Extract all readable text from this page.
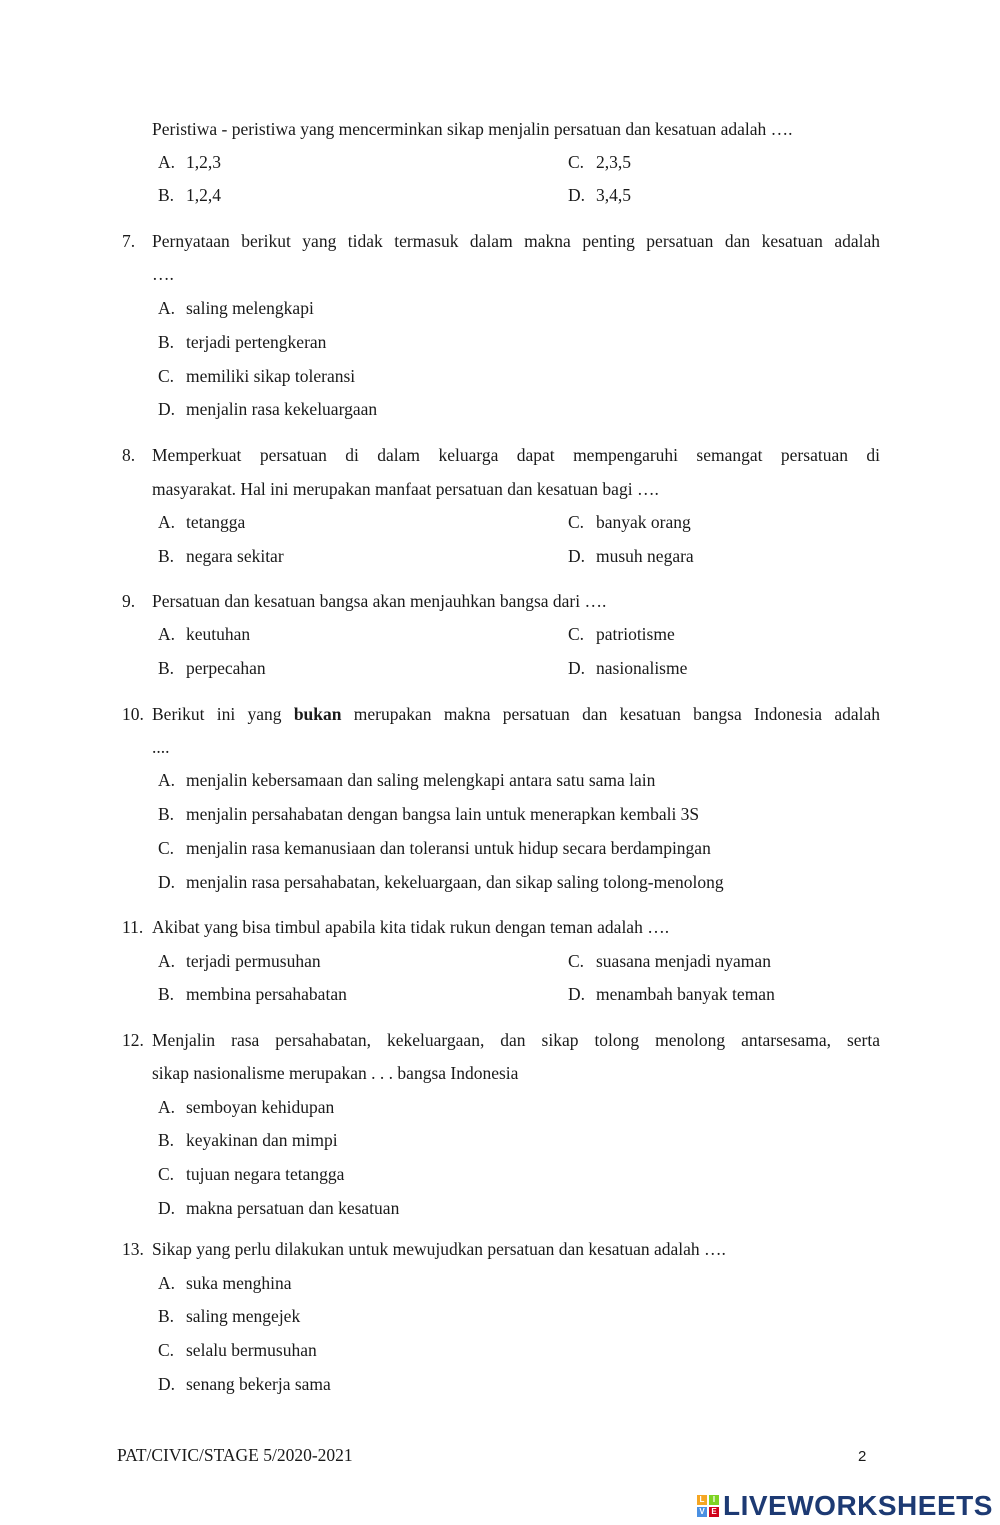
Peristiwa - peristiwa yang mencerminkan sikap menjalin persatuan dan kesatuan adalah ….
A. 1,2,3	C. 2,3,5
B. 1,2,4	D. 3,4,5
7. Pernyataan berikut yang tidak termasuk dalam makna penting persatuan dan kesatuan adalah
….
A. saling melengkapi
B. terjadi pertengkeran
C. memiliki sikap toleransi
D. menjalin rasa kekeluargaan
8. Memperkuat persatuan di dalam keluarga dapat mempengaruhi semangat persatuan di
masyarakat. Hal ini merupakan manfaat persatuan dan kesatuan bagi ….
A. tetangga	C. banyak orang
B. negara sekitar	D. musuh negara
9. Persatuan dan kesatuan bangsa akan menjauhkan bangsa dari ….
A. keutuhan	C. patriotisme
B. perpecahan	D. nasionalisme
10. Berikut ini yang bukan merupakan makna persatuan dan kesatuan bangsa Indonesia adalah
....
A. menjalin kebersamaan dan saling melengkapi antara satu sama lain
B. menjalin persahabatan dengan bangsa lain untuk menerapkan kembali 3S
C. menjalin rasa kemanusiaan dan toleransi untuk hidup secara berdampingan
D. menjalin rasa persahabatan, kekeluargaan, dan sikap saling tolong-menolong
11. Akibat yang bisa timbul apabila kita tidak rukun dengan teman adalah ….
A. terjadi permusuhan	C. suasana menjadi nyaman
B. membina persahabatan	D. menambah banyak teman
12. Menjalin rasa persahabatan, kekeluargaan, dan sikap tolong menolong antarsesama, serta
sikap nasionalisme merupakan . . . bangsa Indonesia
A. semboyan kehidupan
B. keyakinan dan mimpi
C. tujuan negara tetangga
D. makna persatuan dan kesatuan
13. Sikap yang perlu dilakukan untuk mewujudkan persatuan dan kesatuan adalah ….
A. suka menghina
B. saling mengejek
C. selalu bermusuhan
D. senang bekerja sama
PAT/CIVIC/STAGE 5/2020-2021	2
L	I
V E LIVEWORKSHEETS
